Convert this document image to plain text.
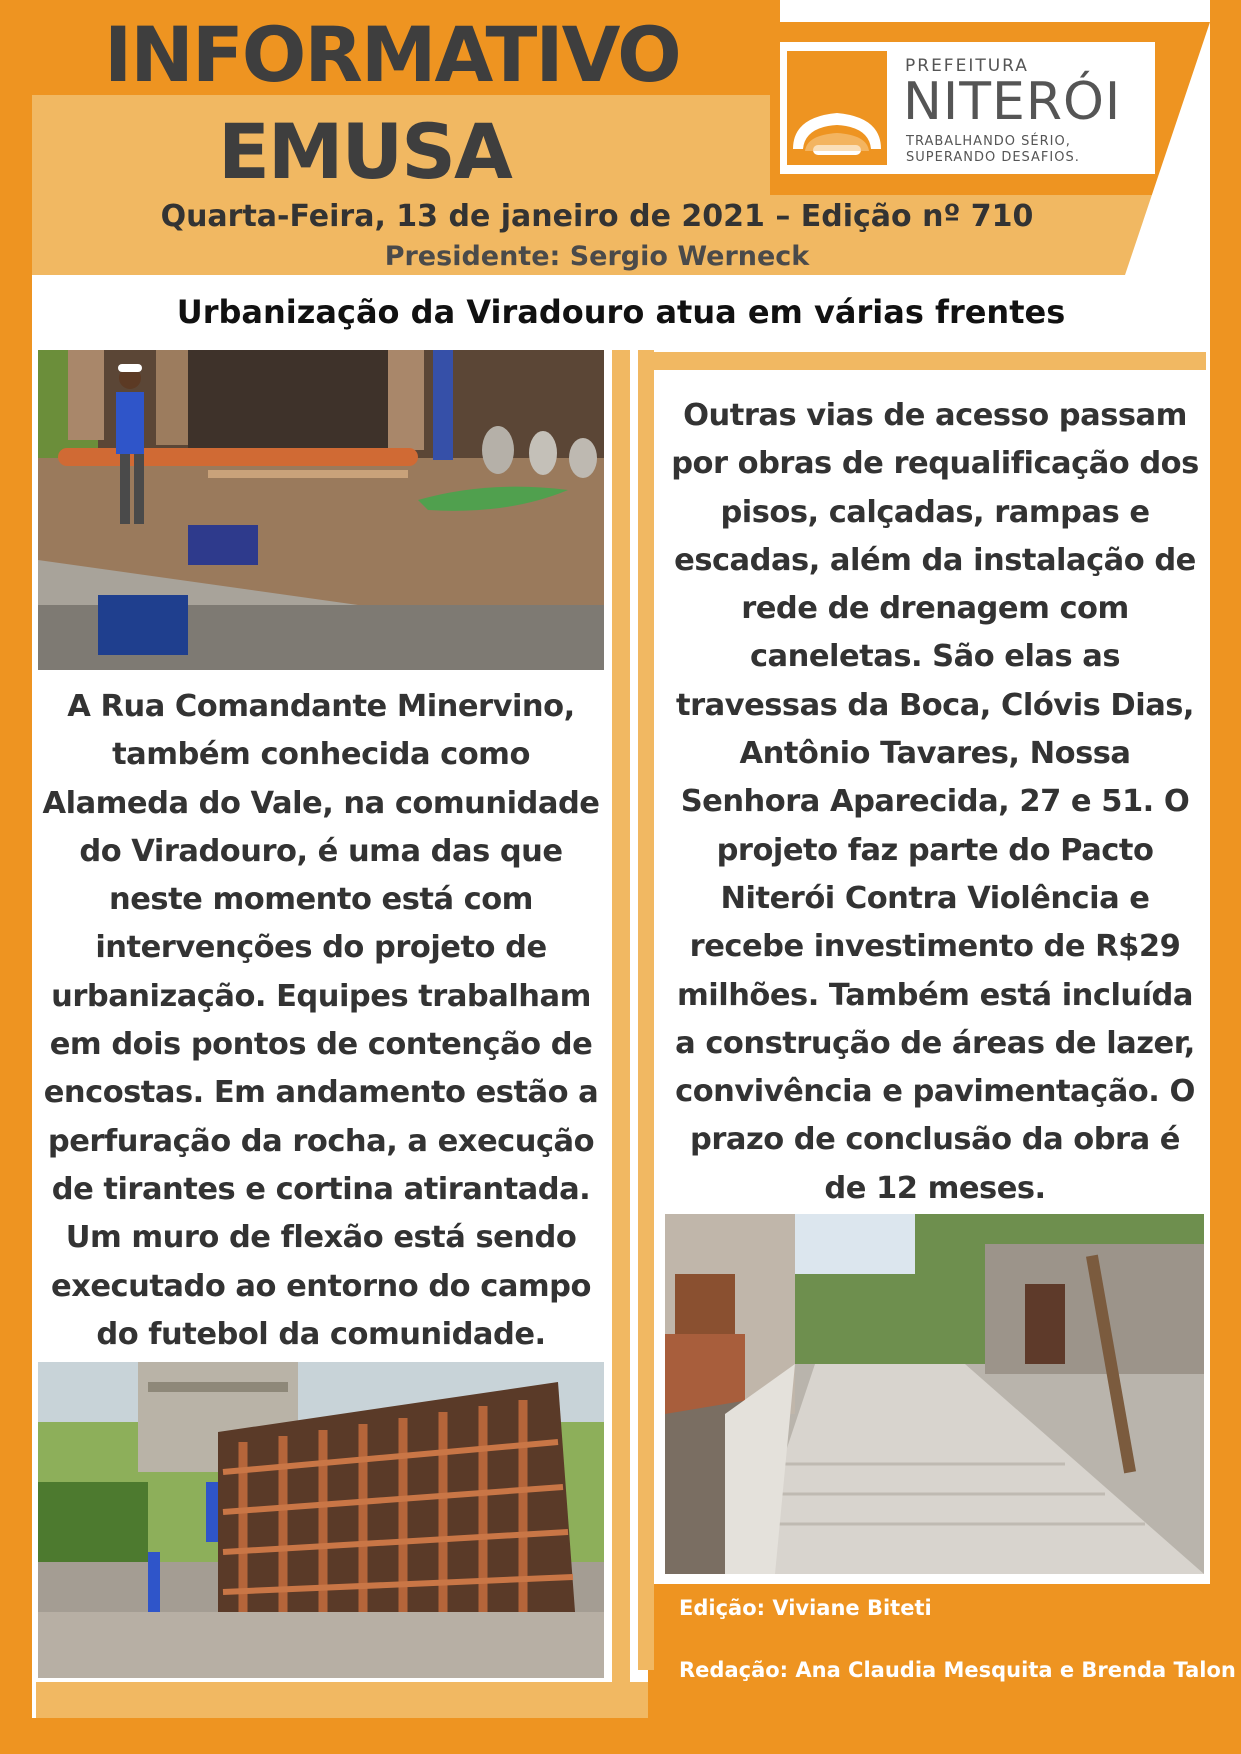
INFORMATIVO
EMUSA
PREFEITURA
NITERÓI
TRABALHANDO SÉRIO,
SUPERANDO DESAFIOS.
Quarta-Feira, 13 de janeiro de 2021 – Edição nº 710
Presidente: Sergio Werneck
Urbanização da Viradouro atua em várias frentes

A Rua Comandante Minervino, também conhecida como Alameda do Vale, na comunidade do Viradouro, é uma das que neste momento está com intervenções do projeto de urbanização. Equipes trabalham em dois pontos de contenção de encostas. Em andamento estão a perfuração da rocha, a execução de tirantes e cortina atirantada. Um muro de flexão está sendo executado ao entorno do campo do futebol da comunidade.

Outras vias de acesso passam por obras de requalificação dos pisos, calçadas, rampas e escadas, além da instalação de rede de drenagem com caneletas. São elas as travessas da Boca, Clóvis Dias, Antônio Tavares, Nossa Senhora Aparecida, 27 e 51. O projeto faz parte do Pacto Niterói Contra Violência e recebe investimento de R$29 milhões. Também está incluída a construção de áreas de lazer, convivência e pavimentação. O prazo de conclusão da obra é de 12 meses.

Edição: Viviane Biteti
Redação: Ana Claudia Mesquita e Brenda Talon
